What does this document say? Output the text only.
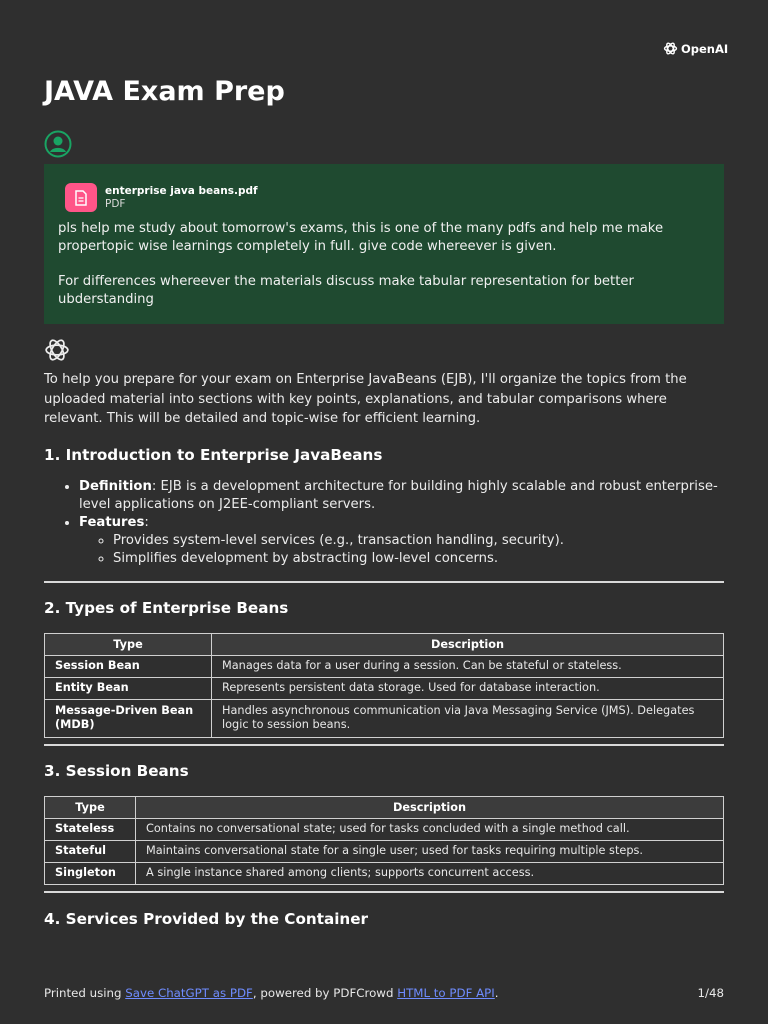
OpenAI
JAVA Exam Prep
enterprise java beans.pdf
PDF

pls help me study about tomorrow's exams, this is one of the many pdfs and help me make propertopic wise learnings completely in full. give code whereever is given.

For differences whereever the materials discuss make tabular representation for better ubderstanding

To help you prepare for your exam on Enterprise JavaBeans (EJB), I'll organize the topics from the uploaded material into sections with key points, explanations, and tabular comparisons where relevant. This will be detailed and topic-wise for efficient learning.

1. Introduction to Enterprise JavaBeans
• Definition: EJB is a development architecture for building highly scalable and robust enterprise-level applications on J2EE-compliant servers.
• Features:
◦ Provides system-level services (e.g., transaction handling, security).
◦ Simplifies development by abstracting low-level concerns.
2. Types of Enterprise Beans
Type	Description
Session Bean	Manages data for a user during a session. Can be stateful or stateless.
Entity Bean	Represents persistent data storage. Used for database interaction.
Message-Driven Bean (MDB)	Handles asynchronous communication via Java Messaging Service (JMS). Delegates logic to session beans.
3. Session Beans
Type	Description
Stateless	Contains no conversational state; used for tasks concluded with a single method call.
Stateful	Maintains conversational state for a single user; used for tasks requiring multiple steps.
Singleton	A single instance shared among clients; supports concurrent access.
4. Services Provided by the Container
Printed using Save ChatGPT as PDF, powered by PDFCrowd HTML to PDF API.	1/48
